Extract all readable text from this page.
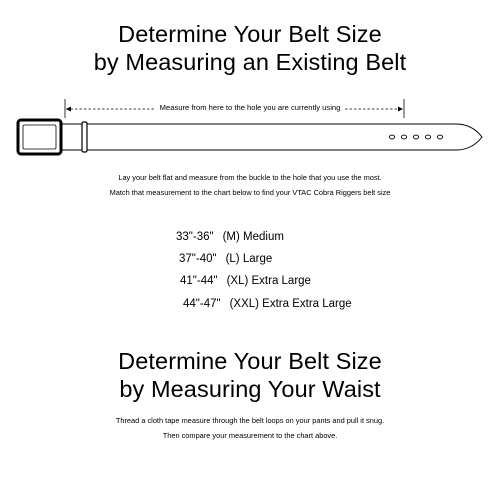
Determine Your Belt Size
by Measuring an Existing Belt
Measure from here to the hole you are currently using
Lay your belt flat and measure from the buckle to the hole that you use the most.
Match that measurement to the chart below to find your VTAC Cobra Riggers belt size
33"-36" (M) Medium
37"-40" (L) Large
41"-44" (XL) Extra Large
44"-47" (XXL) Extra Extra Large
Determine Your Belt Size
by Measuring Your Waist
Thread a cloth tape measure through the belt loops on your pants and pull it snug.
Then compare your measurement to the chart above.
